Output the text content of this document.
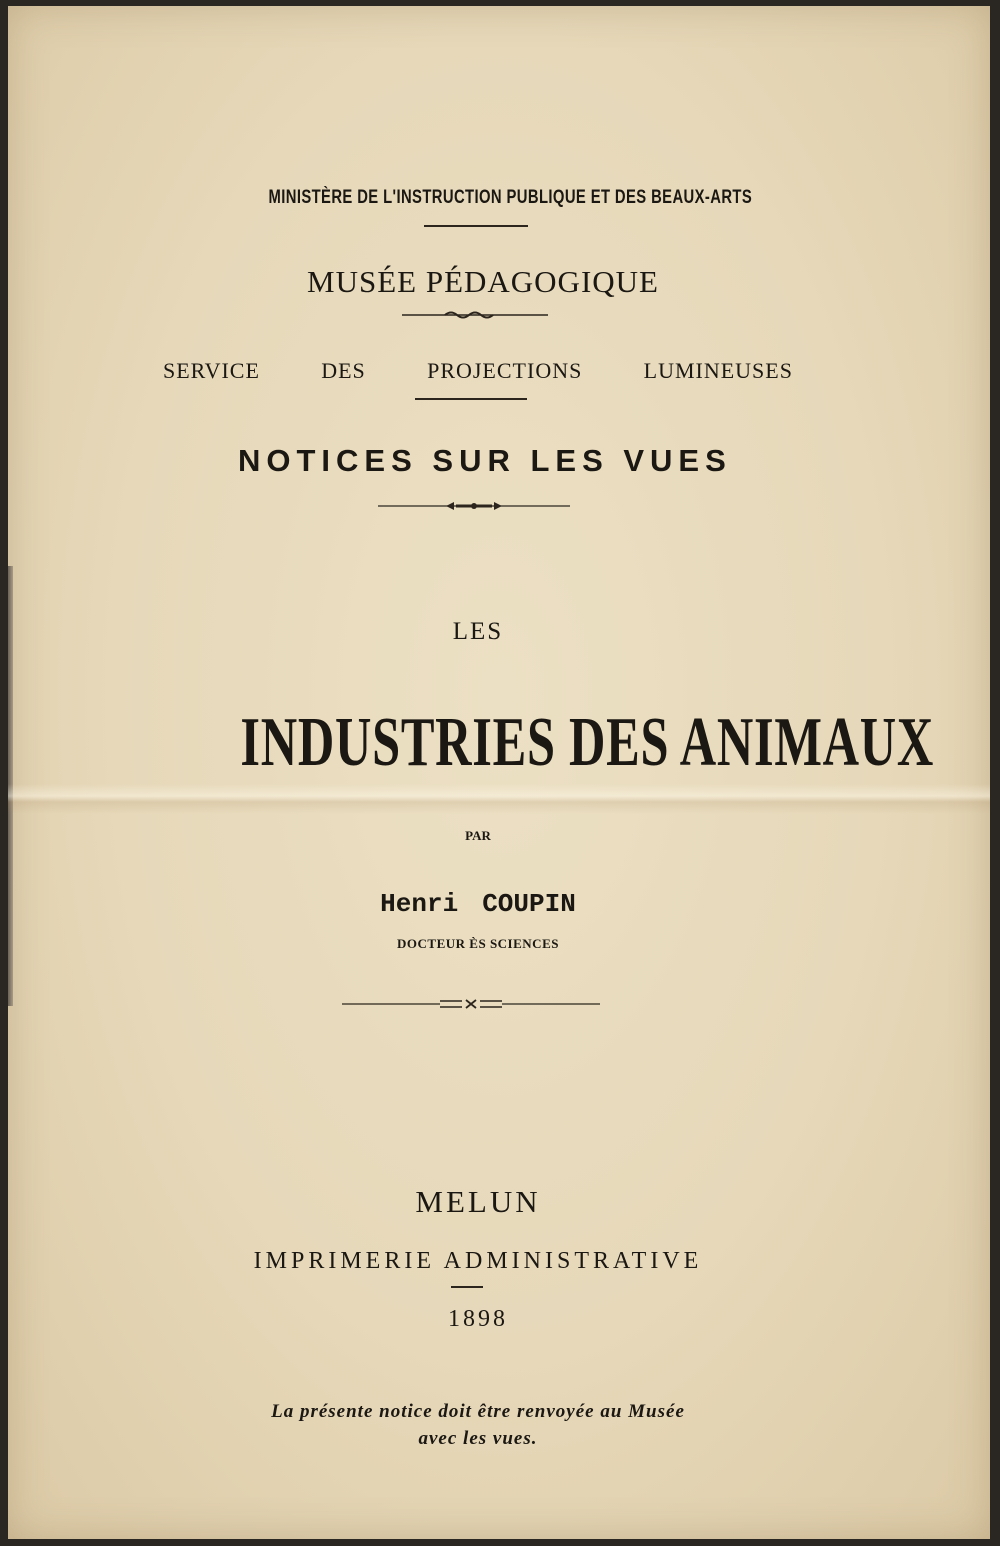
MINISTÈRE DE L'INSTRUCTION PUBLIQUE ET DES BEAUX-ARTS
MUSÉE PÉDAGOGIQUE
SERVICE	DES	PROJECTIONS	LUMINEUSES
NOTICES SUR LES VUES
LES
INDUSTRIES DES ANIMAUX
PAR
Henri COUPIN
DOCTEUR ÈS SCIENCES
MELUN
IMPRIMERIE ADMINISTRATIVE
1898
La présente notice doit être renvoyée au Musée
avec les vues.
